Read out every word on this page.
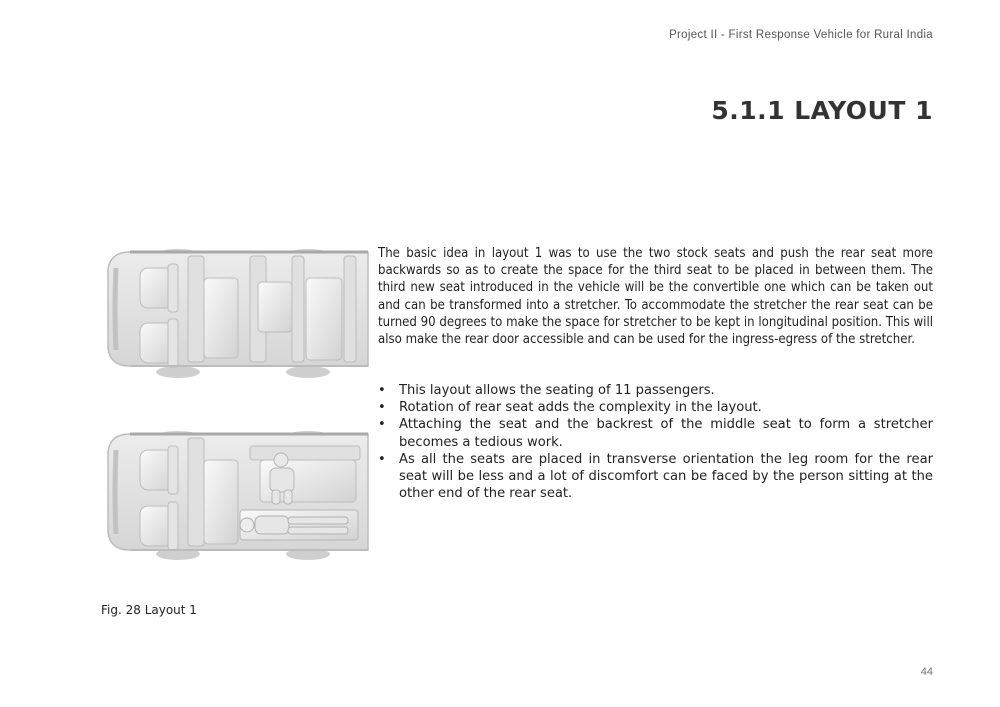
Project II - First Response Vehicle for Rural India
5.1.1 LAYOUT 1

The basic idea in layout 1 was to use the two stock seats and push the rear seat more backwards so as to create the space for the third seat to be placed in between them. The third new seat introduced in the vehicle will be the convertible one which can be taken out and can be transformed into a stretcher. To accommodate the stretcher the rear seat can be turned 90 degrees to make the space for stretcher to be kept in longitudinal position. This will also make the rear door accessible and can be used for the ingress-egress of the stretcher.

• This layout allows the seating of 11 passengers.
• Rotation of rear seat adds the complexity in the layout.
• Attaching the seat and the backrest of the middle seat to form a stretcher becomes a tedious work.
• As all the seats are placed in transverse orientation the leg room for the rear seat will be less and a lot of discomfort can be faced by the person sitting at the other end of the rear seat.
Fig. 28 Layout 1
44
